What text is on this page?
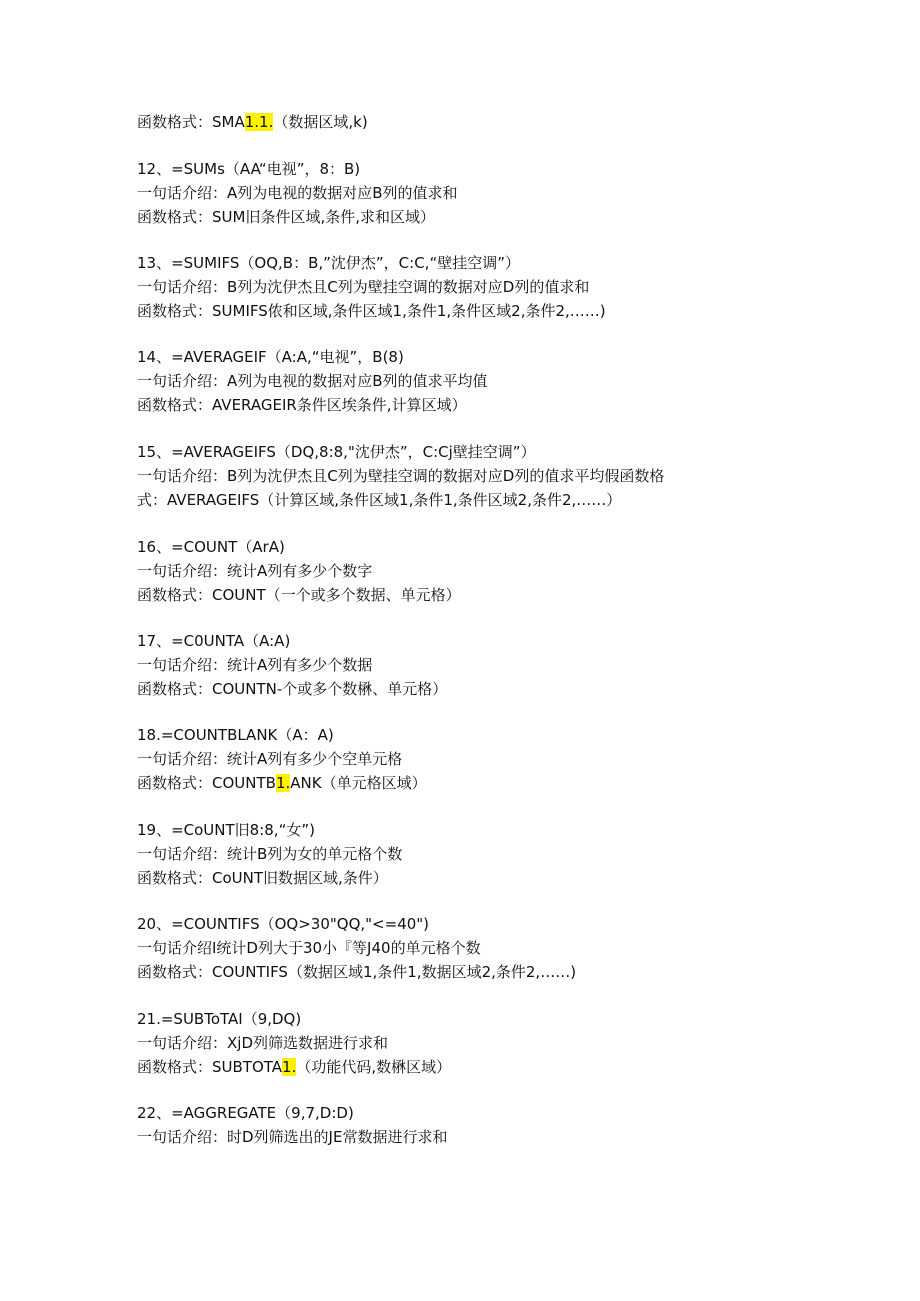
函数格式：SMA1.1.（数据区域,k)
12、=SUMs（AA“电视”，8：B)
一句话介绍：A列为电视的数据对应B列的值求和
函数格式：SUM旧条件区域,条件,求和区域）
13、=SUMIFS（OQ,B：B,”沈伊杰”，C:C,“壁挂空调”）
一句话介绍：B列为沈伊杰且C列为壁挂空调的数据对应D列的值求和
函数格式：SUMIFS侬和区域,条件区域1,条件1,条件区域2,条件2,……)
14、=AVERAGEIF（A:A,“电视”，B(8)
一句话介绍：A列为电视的数据对应B列的值求平均值
函数格式：AVERAGEIR条件区埃条件,计算区域）
15、=AVERAGEIFS（DQ,8:8,"沈伊杰”，C:Cj壁挂空调”）
一句话介绍：B列为沈伊杰且C列为壁挂空调的数据对应D列的值求平均假函数格
式：AVERAGEIFS（计算区域,条件区域1,条件1,条件区域2,条件2,……）
16、=COUNT（ArA)
一句话介绍：统计A列有多少个数字
函数格式：COUNT（一个或多个数据、单元格）
17、=C0UNTA（A:A)
一句话介绍：统计A列有多少个数据
函数格式：COUNTN-个或多个数楙、单元格）
18.=COUNTBLANK（A：A)
一句话介绍：统计A列有多少个空单元格
函数格式：COUNTB1.ANK（单元格区域）
19、=CoUNT旧8:8,“女”)
一句话介绍：统计B列为女的单元格个数
函数格式：CoUNT旧数据区域,条件）
20、=COUNTIFS（OQ>30"QQ,"<=40")
一句话介绍I统计D列大于30小『等J40的单元格个数
函数格式：COUNTIFS（数据区域1,条件1,数据区域2,条件2,……)
21.=SUBToTAI（9,DQ)
一句话介绍：XjD列筛选数据进行求和
函数格式：SUBTOTA1.（功能代码,数楙区域）
22、=AGGREGATE（9,7,D:D)
一句话介绍：时D列筛选出的JE常数据进行求和
